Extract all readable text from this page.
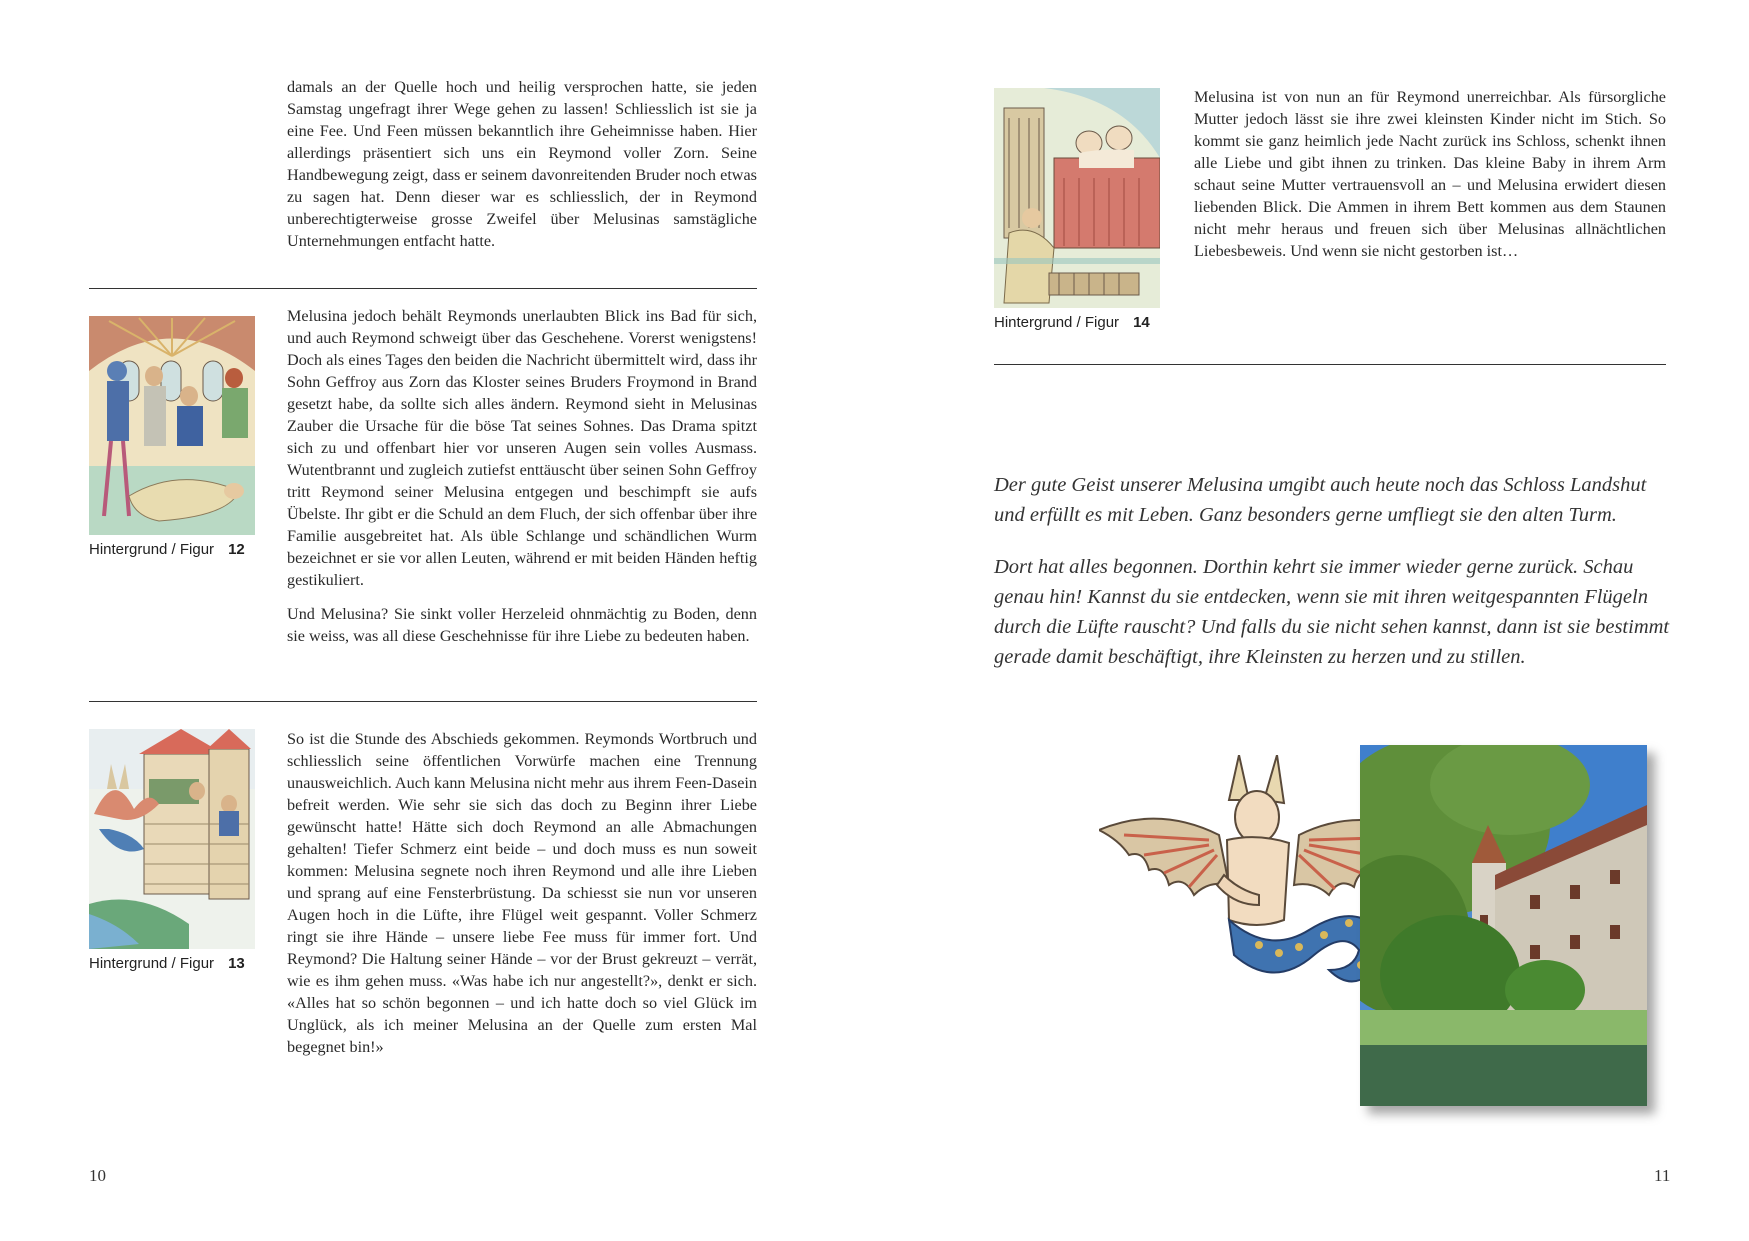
damals an der Quelle hoch und heilig versprochen hatte, sie jeden Samstag ungefragt ihrer Wege gehen zu lassen! Schliesslich ist sie ja eine Fee. Und Feen müssen bekanntlich ihre Geheimnisse haben. Hier allerdings präsentiert sich uns ein Reymond voller Zorn. Seine Handbewegung zeigt, dass er seinem davonreitenden Bruder noch etwas zu sagen hat. Denn dieser war es schliesslich, der in Reymond unberechtigterweise grosse Zweifel über Melusinas samstägliche Unternehmungen entfacht hatte.

Hintergrund / Figur 12

Melusina jedoch behält Reymonds unerlaubten Blick ins Bad für sich, und auch Reymond schweigt über das Geschehene. Vorerst wenigstens! Doch als eines Tages den beiden die Nachricht übermittelt wird, dass ihr Sohn Geffroy aus Zorn das Kloster seines Bruders Froymond in Brand gesetzt habe, da sollte sich alles ändern. Reymond sieht in Melusinas Zauber die Ursache für die böse Tat seines Sohnes. Das Drama spitzt sich zu und offenbart hier vor unseren Augen sein volles Ausmass. Wutentbrannt und zugleich zutiefst enttäuscht über seinen Sohn Geffroy tritt Reymond seiner Melusina entgegen und beschimpft sie aufs Übelste. Ihr gibt er die Schuld an dem Fluch, der sich offenbar über ihre Familie ausgebreitet hat. Als üble Schlange und schändlichen Wurm bezeichnet er sie vor allen Leuten, während er mit beiden Händen heftig gestikuliert.

Und Melusina? Sie sinkt voller Herzeleid ohnmächtig zu Boden, denn sie weiss, was all diese Geschehnisse für ihre Liebe zu bedeuten haben.

Hintergrund / Figur 13

So ist die Stunde des Abschieds gekommen. Reymonds Wortbruch und schliesslich seine öffentlichen Vorwürfe machen eine Trennung unausweichlich. Auch kann Melusina nicht mehr aus ihrem Feen-Dasein befreit werden. Wie sehr sie sich das doch zu Beginn ihrer Liebe gewünscht hatte! Hätte sich doch Reymond an alle Abmachungen gehalten! Tiefer Schmerz eint beide – und doch muss es nun soweit kommen: Melusina segnete noch ihren Reymond und alle ihre Lieben und sprang auf eine Fensterbrüstung. Da schiesst sie nun vor unseren Augen hoch in die Lüfte, ihre Flügel weit gespannt. Voller Schmerz ringt sie ihre Hände – unsere liebe Fee muss für immer fort. Und Reymond? Die Haltung seiner Hände – vor der Brust gekreuzt – verrät, wie es ihm gehen muss. «Was habe ich nur angestellt?», denkt er sich. «Alles hat so schön begonnen – und ich hatte doch so viel Glück im Unglück, als ich meiner Melusina an der Quelle zum ersten Mal begegnet bin!»

10
Hintergrund / Figur 14

Melusina ist von nun an für Reymond unerreichbar. Als fürsorgliche Mutter jedoch lässt sie ihre zwei kleinsten Kinder nicht im Stich. So kommt sie ganz heimlich jede Nacht zurück ins Schloss, schenkt ihnen alle Liebe und gibt ihnen zu trinken. Das kleine Baby in ihrem Arm schaut seine Mutter vertrauensvoll an – und Melusina erwidert diesen liebenden Blick. Die Ammen in ihrem Bett kommen aus dem Staunen nicht mehr heraus und freuen sich über Melusinas allnächtlichen Liebesbeweis. Und wenn sie nicht gestorben ist…

Der gute Geist unserer Melusina umgibt auch heute noch das Schloss Landshut und erfüllt es mit Leben. Ganz besonders gerne umfliegt sie den alten Turm.

Dort hat alles begonnen. Dorthin kehrt sie immer wieder gerne zurück. Schau genau hin! Kannst du sie entdecken, wenn sie mit ihren weitgespannten Flügeln durch die Lüfte rauscht? Und falls du sie nicht sehen kannst, dann ist sie bestimmt gerade damit beschäftigt, ihre Kleinsten zu herzen und zu stillen.

11
